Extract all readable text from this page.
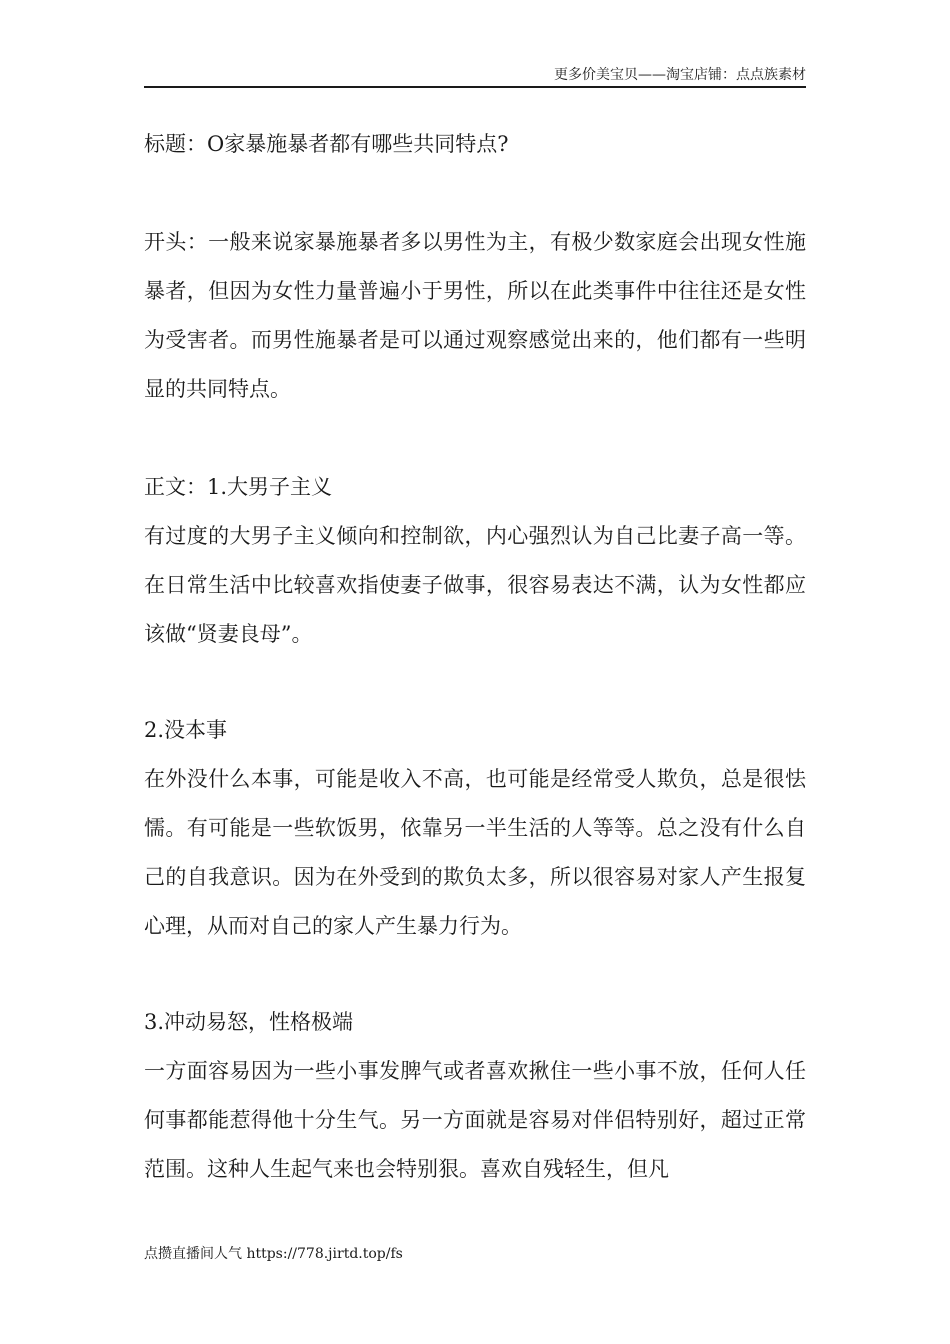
更多价美宝贝——淘宝店铺：点点族素材

标题：O家暴施暴者都有哪些共同特点?

开头：一般来说家暴施暴者多以男性为主，有极少数家庭会出现女性施暴者，但因为女性力量普遍小于男性，所以在此类事件中往往还是女性为受害者。而男性施暴者是可以通过观察感觉出来的，他们都有一些明显的共同特点。

正文：1.大男子主义

有过度的大男子主义倾向和控制欲，内心强烈认为自己比妻子高一等。在日常生活中比较喜欢指使妻子做事，很容易表达不满，认为女性都应该做“贤妻良母”。

2.没本事

在外没什么本事，可能是收入不高，也可能是经常受人欺负，总是很怯懦。有可能是一些软饭男，依靠另一半生活的人等等。总之没有什么自己的自我意识。因为在外受到的欺负太多，所以很容易对家人产生报复心理，从而对自己的家人产生暴力行为。

3.冲动易怒，性格极端

一方面容易因为一些小事发脾气或者喜欢揪住一些小事不放，任何人任何事都能惹得他十分生气。另一方面就是容易对伴侣特别好，超过正常范围。这种人生起气来也会特别狠。喜欢自残轻生，但凡

点攒直播间人气 https://778.jirtd.top/fs
